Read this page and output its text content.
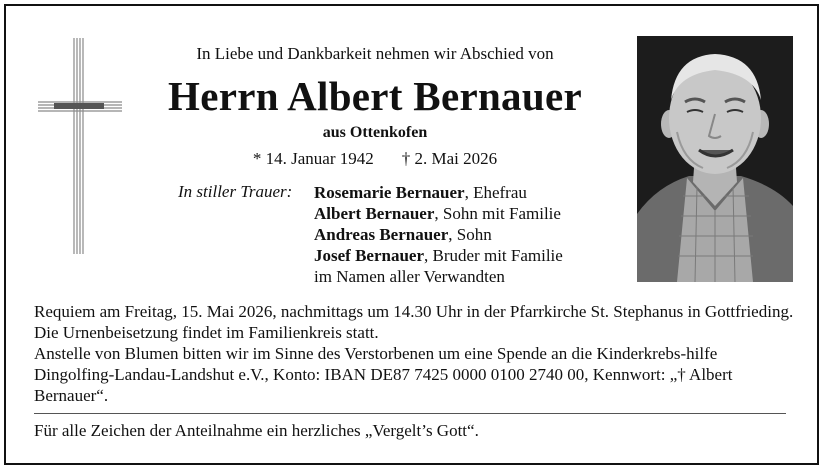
In Liebe und Dankbarkeit nehmen wir Abschied von
Herrn Albert Bernauer
aus Ottenkofen
* 14. Januar 1942 † 2. Mai 2026
In stiller Trauer: Rosemarie Bernauer, Ehefrau
Albert Bernauer, Sohn mit Familie
Andreas Bernauer, Sohn
Josef Bernauer, Bruder mit Familie
im Namen aller Verwandten
Requiem am Freitag, 15. Mai 2026, nachmittags um 14.30 Uhr in der Pfarrkirche St. Stephanus in Gottfrieding. Die Urnenbeisetzung findet im Familienkreis statt.
Anstelle von Blumen bitten wir im Sinne des Verstorbenen um eine Spende an die Kinderkrebs-hilfe Dingolfing-Landau-Landshut e.V., Konto: IBAN DE87 7425 0000 0100 2740 00, Kennwort: „† Albert Bernauer“.
Für alle Zeichen der Anteilnahme ein herzliches „Vergelt’s Gott“.
